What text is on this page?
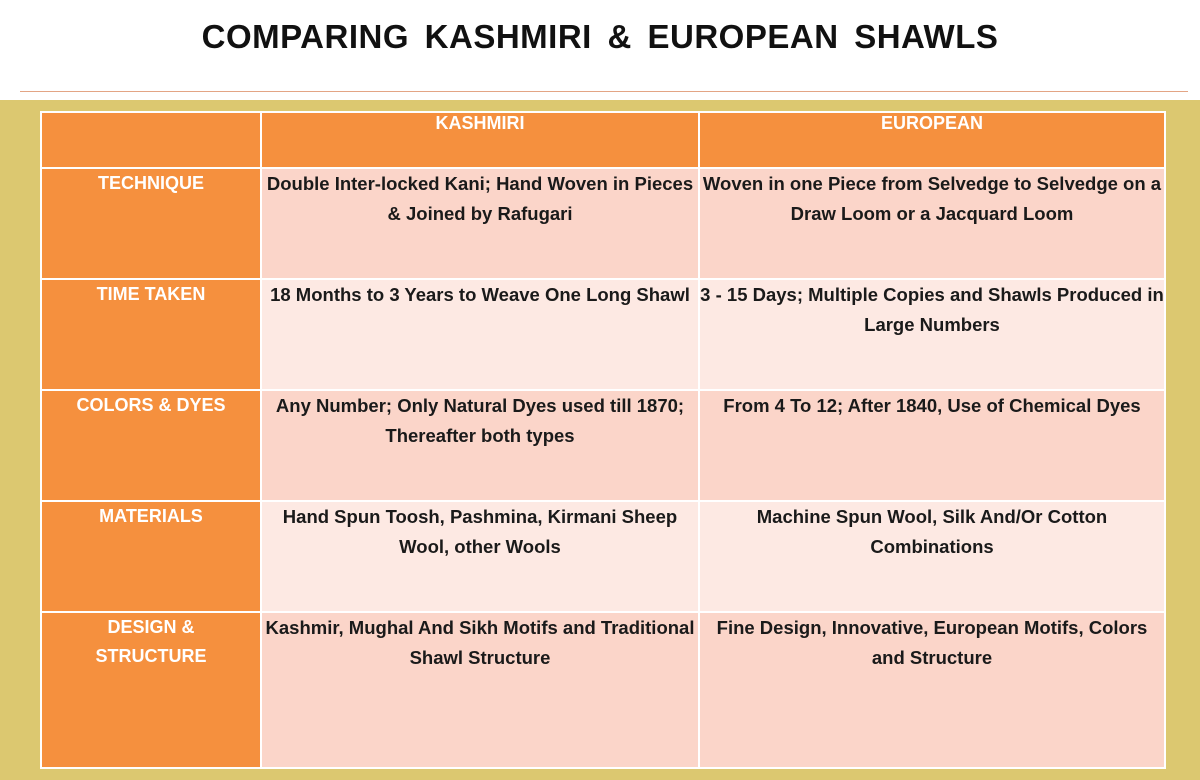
COMPARING KASHMIRI & EUROPEAN SHAWLS
	KASHMIRI	EUROPEAN
TECHNIQUE	Double Inter-locked Kani; Hand Woven in Pieces & Joined by Rafugari	Woven in one Piece from Selvedge to Selvedge on a Draw Loom or a Jacquard Loom
TIME TAKEN	18 Months to 3 Years to Weave One Long Shawl	3 - 15 Days; Multiple Copies and Shawls Produced in Large Numbers
COLORS & DYES	Any Number; Only Natural Dyes used till 1870; Thereafter both types	From 4 To 12; After 1840, Use of Chemical Dyes
MATERIALS	Hand Spun Toosh, Pashmina, Kirmani Sheep Wool, other Wools	Machine Spun Wool, Silk And/Or Cotton Combinations
DESIGN & STRUCTURE	Kashmir, Mughal And Sikh Motifs and Traditional Shawl Structure	Fine Design, Innovative, European Motifs, Colors and Structure
